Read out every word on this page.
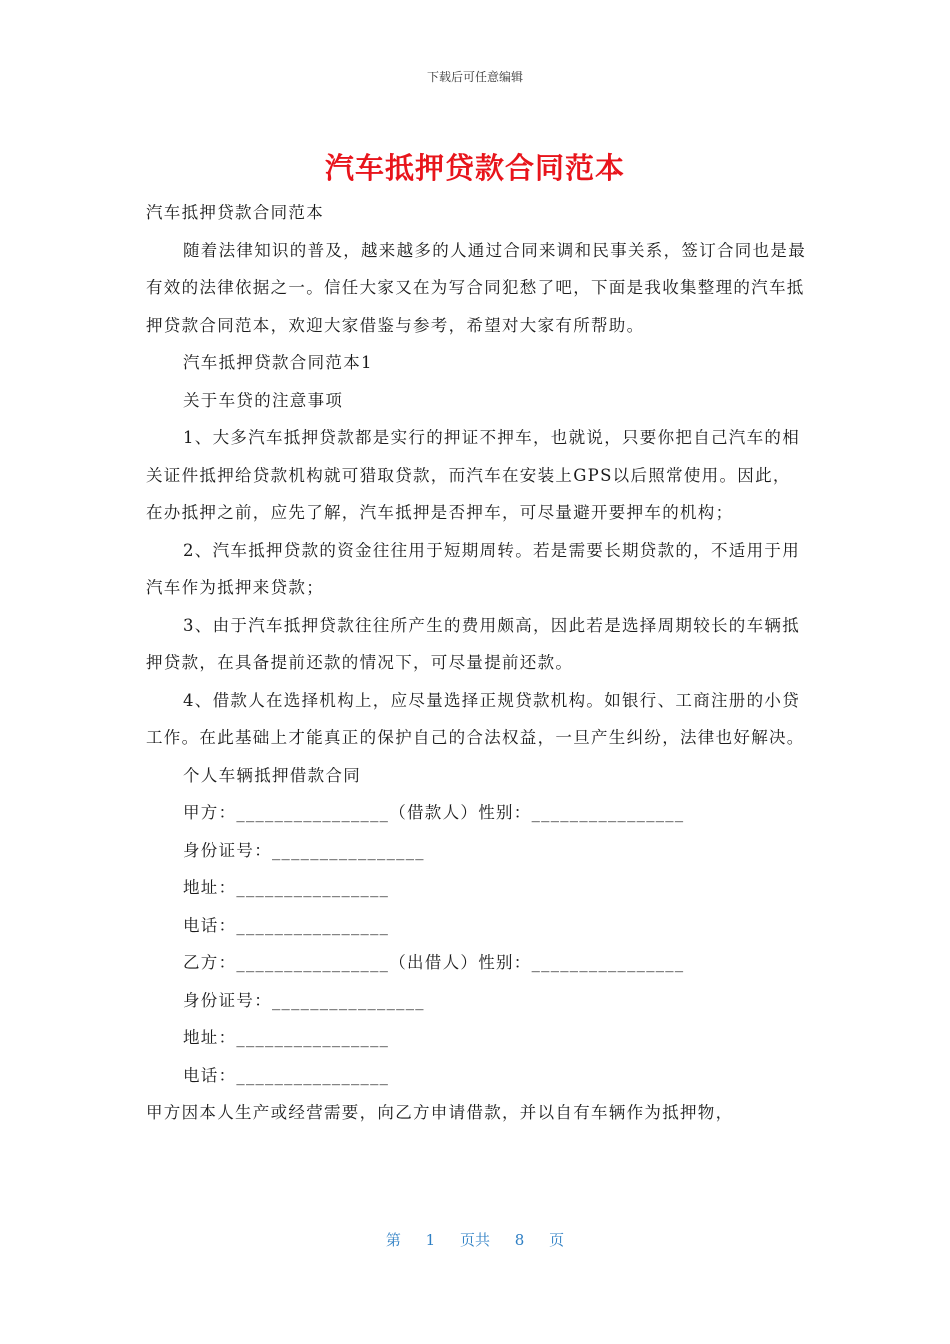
下载后可任意编辑
汽车抵押贷款合同范本

汽车抵押贷款合同范本

随着法律知识的普及，越来越多的人通过合同来调和民事关系，签订合同也是最有效的法律依据之一。信任大家又在为写合同犯愁了吧，下面是我收集整理的汽车抵押贷款合同范本，欢迎大家借鉴与参考，希望对大家有所帮助。

汽车抵押贷款合同范本1

关于车贷的注意事项

1、大多汽车抵押贷款都是实行的押证不押车，也就说，只要你把自己汽车的相关证件抵押给贷款机构就可猎取贷款，而汽车在安装上GPS以后照常使用。因此，在办抵押之前，应先了解，汽车抵押是否押车，可尽量避开要押车的机构；

2、汽车抵押贷款的资金往往用于短期周转。若是需要长期贷款的，不适用于用汽车作为抵押来贷款；

3、由于汽车抵押贷款往往所产生的费用颇高，因此若是选择周期较长的车辆抵押贷款，在具备提前还款的情况下，可尽量提前还款。

4、借款人在选择机构上，应尽量选择正规贷款机构。如银行、工商注册的小贷工作。在此基础上才能真正的保护自己的合法权益，一旦产生纠纷，法律也好解决。

个人车辆抵押借款合同

甲方：________________（借款人）性别：________________

身份证号：________________

地址：________________

电话：________________

乙方：________________（出借人）性别：________________

身份证号：________________

地址：________________

电话：________________

甲方因本人生产或经营需要，向乙方申请借款，并以自有车辆作为抵押物，

第 1 页共 8 页
